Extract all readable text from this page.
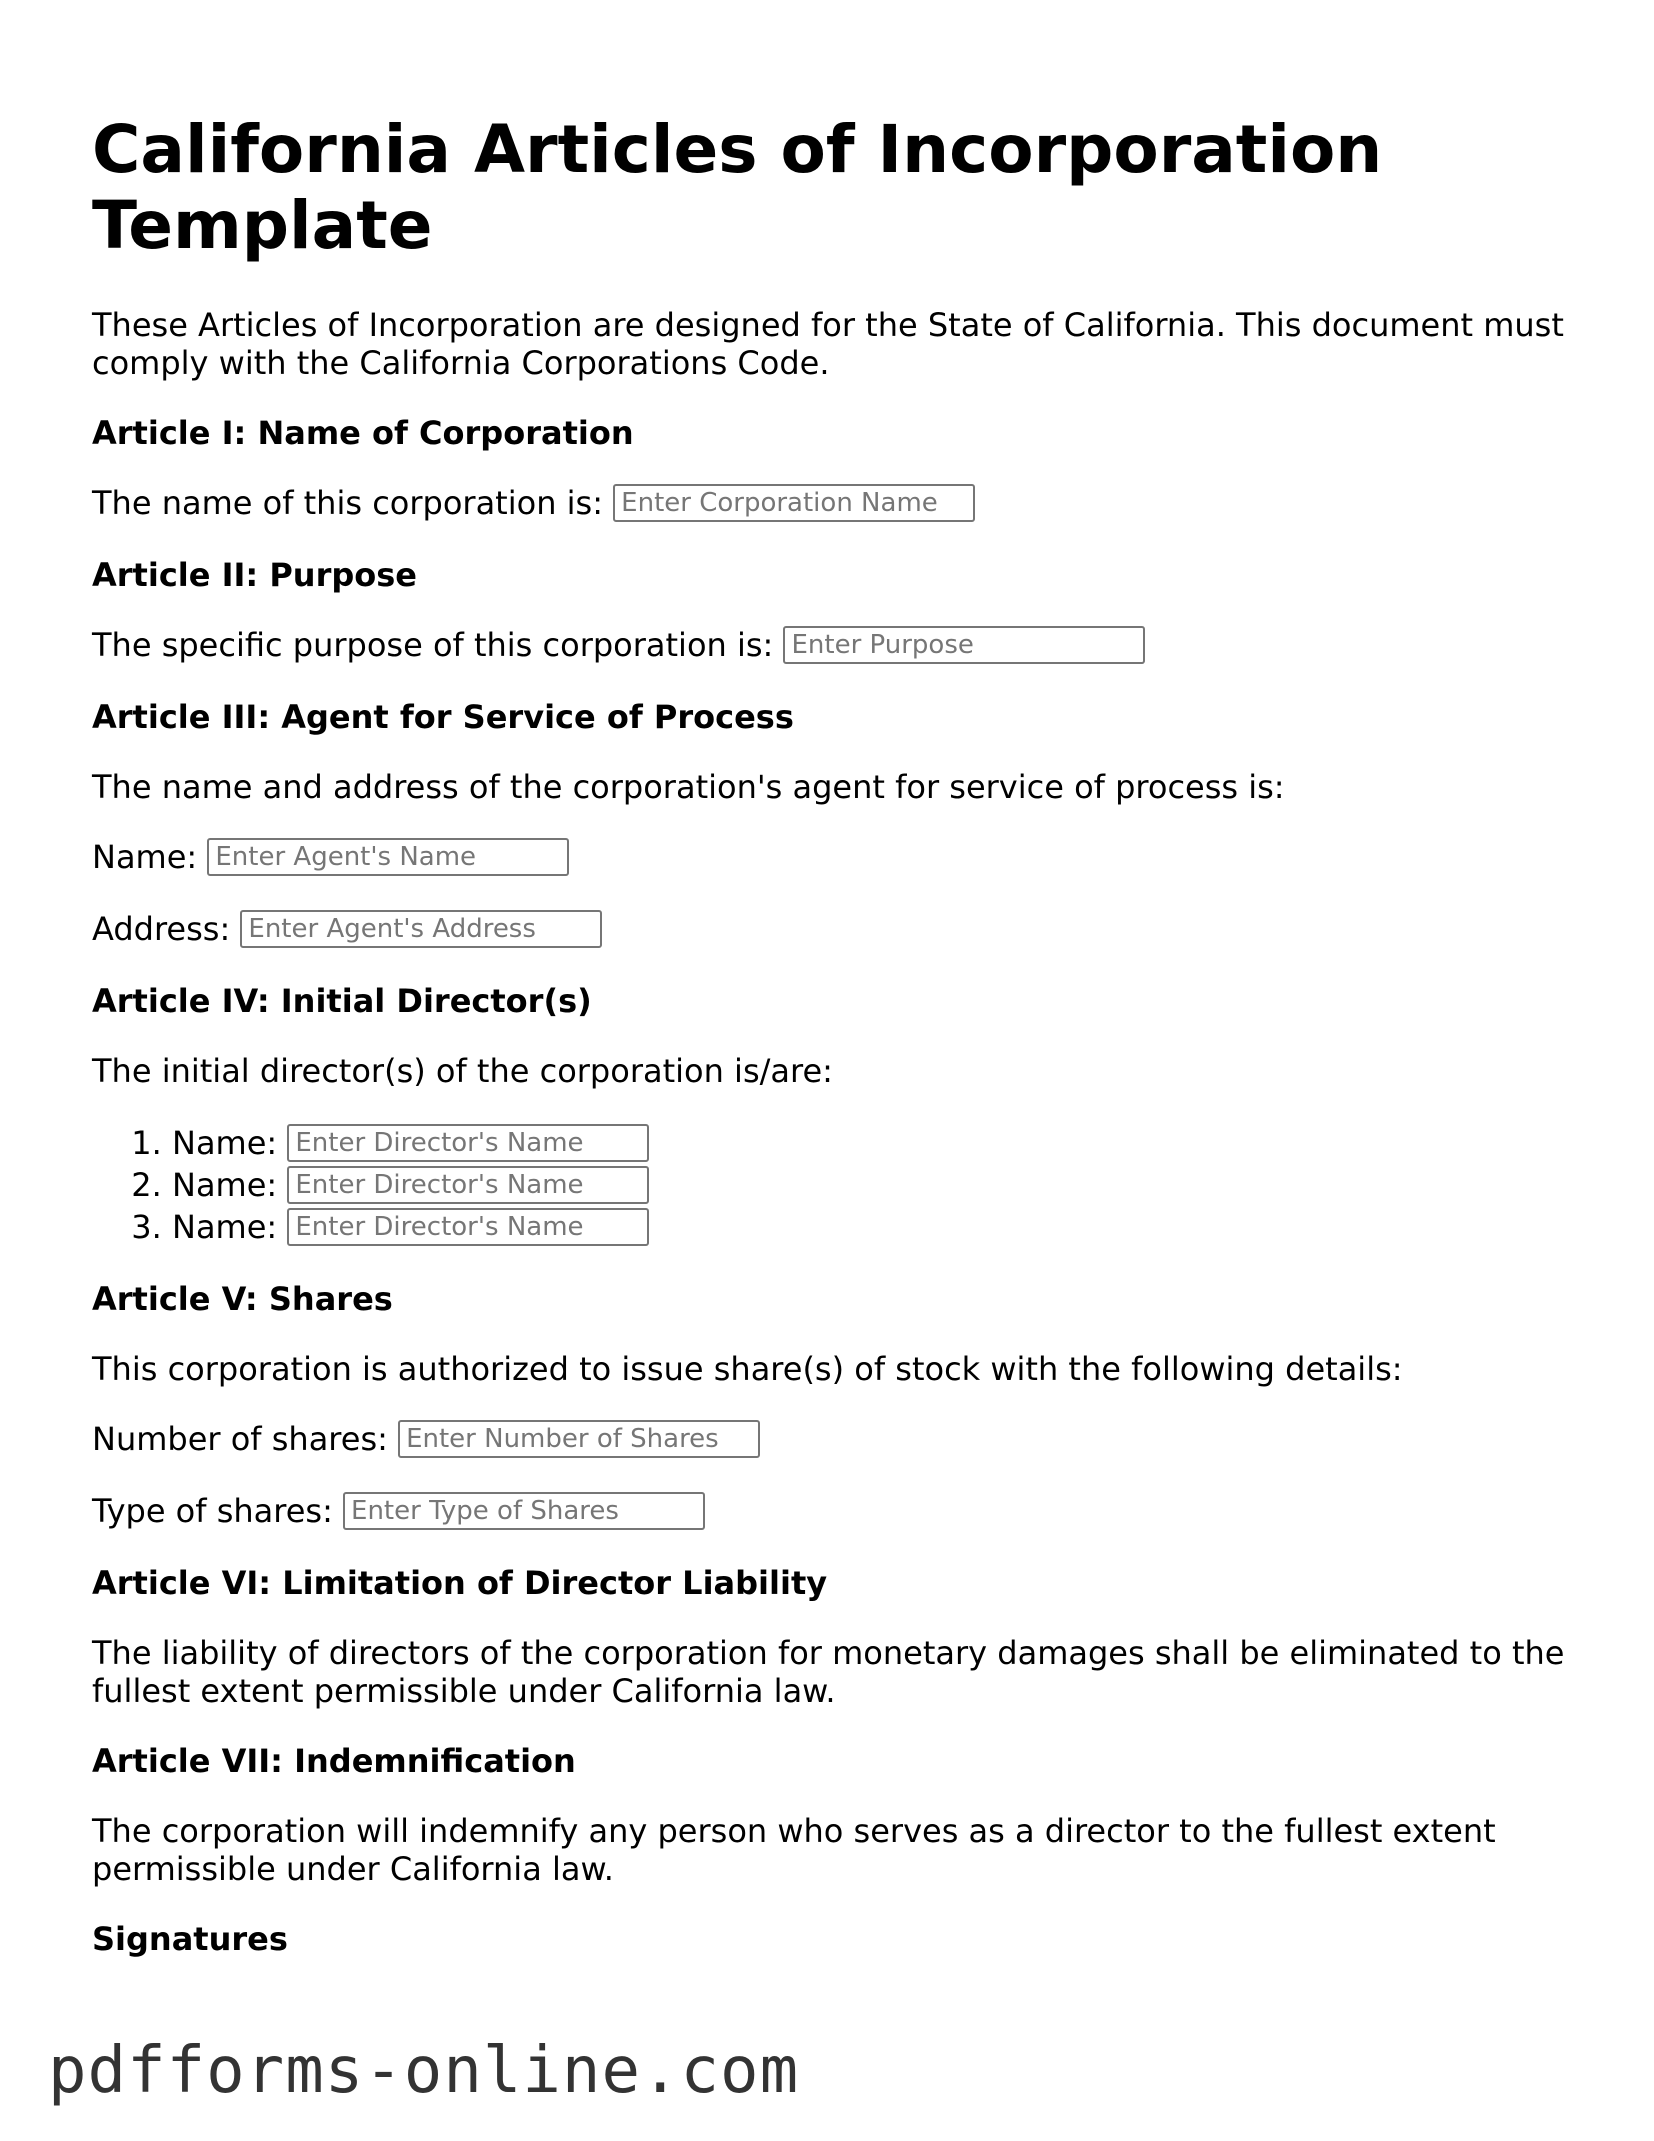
California Articles of Incorporation Template

These Articles of Incorporation are designed for the State of California. This document must comply with the California Corporations Code.

Article I: Name of Corporation
The name of this corporation is: Enter Corporation Name
Article II: Purpose
The specific purpose of this corporation is: Enter Purpose
Article III: Agent for Service of Process

The name and address of the corporation's agent for service of process is:

Name: Enter Agent's Name
Address: Enter Agent's Address
Article IV: Initial Director(s)

The initial director(s) of the corporation is/are:

1. Name: Enter Director's Name
2. Name: Enter Director's Name
3. Name: Enter Director's Name
Article V: Shares

This corporation is authorized to issue share(s) of stock with the following details:

Number of shares: Enter Number of Shares
Type of shares: Enter Type of Shares
Article VI: Limitation of Director Liability

The liability of directors of the corporation for monetary damages shall be eliminated to the fullest extent permissible under California law.

Article VII: Indemnification

The corporation will indemnify any person who serves as a director to the fullest extent permissible under California law.

Signatures
pdfforms-online.com
